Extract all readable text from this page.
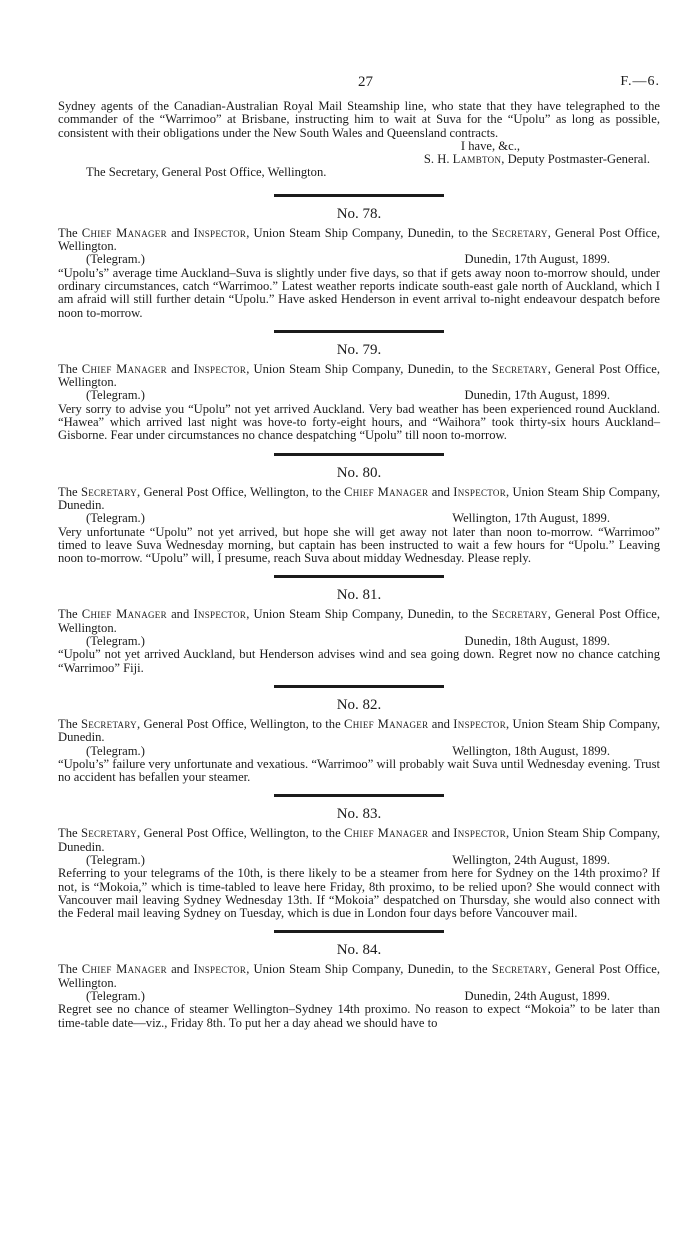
27	F.—6.

Sydney agents of the Canadian-Australian Royal Mail Steamship line, who state that they have telegraphed to the commander of the “Warrimoo” at Brisbane, instructing him to wait at Suva for the “Upolu” as long as possible, consistent with their obligations under the New South Wales and Queensland contracts.

I have, &c.,

S. H. Lambton, Deputy Postmaster-General.

The Secretary, General Post Office, Wellington.

No. 78.

The Chief Manager and Inspector, Union Steam Ship Company, Dunedin, to the Secretary, General Post Office, Wellington.

(Telegram.)	Dunedin, 17th August, 1899.

“Upolu’s” average time Auckland–Suva is slightly under five days, so that if gets away noon to-morrow should, under ordinary circumstances, catch “Warrimoo.” Latest weather reports indicate south-east gale north of Auckland, which I am afraid will still further detain “Upolu.” Have asked Henderson in event arrival to-night endeavour despatch before noon to-morrow.

No. 79.

The Chief Manager and Inspector, Union Steam Ship Company, Dunedin, to the Secretary, General Post Office, Wellington.

(Telegram.)	Dunedin, 17th August, 1899.

Very sorry to advise you “Upolu” not yet arrived Auckland. Very bad weather has been experienced round Auckland. “Hawea” which arrived last night was hove-to forty-eight hours, and “Waihora” took thirty-six hours Auckland–Gisborne. Fear under circumstances no chance despatching “Upolu” till noon to-morrow.

No. 80.

The Secretary, General Post Office, Wellington, to the Chief Manager and Inspector, Union Steam Ship Company, Dunedin.

(Telegram.)	Wellington, 17th August, 1899.

Very unfortunate “Upolu” not yet arrived, but hope she will get away not later than noon to-morrow. “Warrimoo” timed to leave Suva Wednesday morning, but captain has been instructed to wait a few hours for “Upolu.” Leaving noon to-morrow. “Upolu” will, I presume, reach Suva about midday Wednesday. Please reply.

No. 81.

The Chief Manager and Inspector, Union Steam Ship Company, Dunedin, to the Secretary, General Post Office, Wellington.

(Telegram.)	Dunedin, 18th August, 1899.

“Upolu” not yet arrived Auckland, but Henderson advises wind and sea going down. Regret now no chance catching “Warrimoo” Fiji.

No. 82.

The Secretary, General Post Office, Wellington, to the Chief Manager and Inspector, Union Steam Ship Company, Dunedin.

(Telegram.)	Wellington, 18th August, 1899.

“Upolu’s” failure very unfortunate and vexatious. “Warrimoo” will probably wait Suva until Wednesday evening. Trust no accident has befallen your steamer.

No. 83.

The Secretary, General Post Office, Wellington, to the Chief Manager and Inspector, Union Steam Ship Company, Dunedin.

(Telegram.)	Wellington, 24th August, 1899.

Referring to your telegrams of the 10th, is there likely to be a steamer from here for Sydney on the 14th proximo? If not, is “Mokoia,” which is time-tabled to leave here Friday, 8th proximo, to be relied upon? She would connect with Vancouver mail leaving Sydney Wednesday 13th. If “Mokoia” despatched on Thursday, she would also connect with the Federal mail leaving Sydney on Tuesday, which is due in London four days before Vancouver mail.

No. 84.

The Chief Manager and Inspector, Union Steam Ship Company, Dunedin, to the Secretary, General Post Office, Wellington.

(Telegram.)	Dunedin, 24th August, 1899.

Regret see no chance of steamer Wellington–Sydney 14th proximo. No reason to expect “Mokoia” to be later than time-table date—viz., Friday 8th. To put her a day ahead we should have to
